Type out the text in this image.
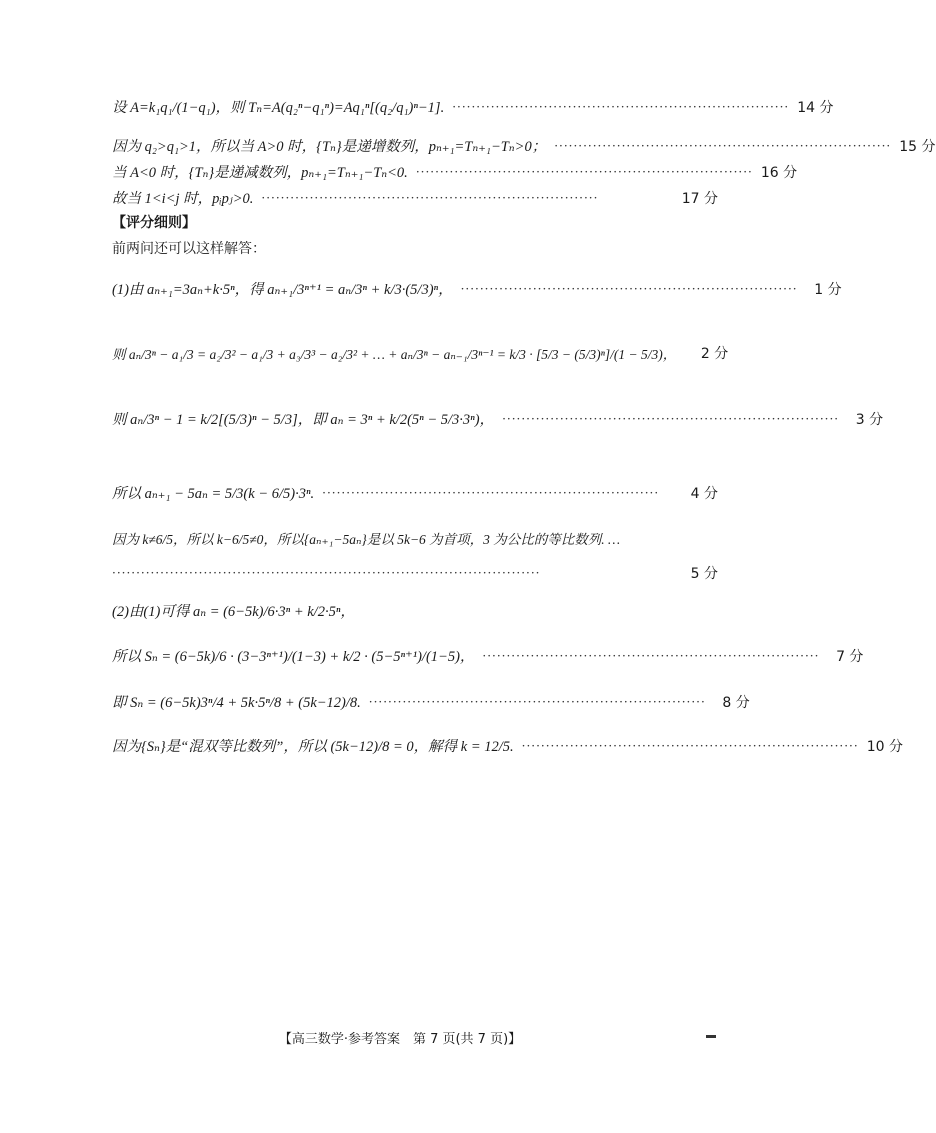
设 A=k₁q₁/(1−q₁)，则 Tₙ=A(q₂ⁿ−q₁ⁿ)=Aq₁ⁿ[(q₂/q₁)ⁿ−1]. ······································································ 14 分
因为 q₂>q₁>1，所以当 A>0 时，{Tₙ}是递增数列，pₙ₊₁=Tₙ₊₁−Tₙ>0； ······································································ 15 分
当 A<0 时，{Tₙ}是递减数列，pₙ₊₁=Tₙ₊₁−Tₙ<0. ······································································ 16 分
故当 1<i<j 时，pᵢpⱼ>0. ······································································	17 分
【评分细则】
前两问还可以这样解答：
(1)由 aₙ₊₁=3aₙ+k·5ⁿ，得 aₙ₊₁/3ⁿ⁺¹ = aₙ/3ⁿ + k/3·(5/3)ⁿ， ······································································	1 分
则 aₙ/3ⁿ − a₁/3 = a₂/3² − a₁/3 + a₃/3³ − a₂/3² + … + aₙ/3ⁿ − aₙ₋₁/3ⁿ⁻¹ = k/3 · [5/3 − (5/3)ⁿ]/(1 − 5/3)，	2 分
则 aₙ/3ⁿ − 1 = k/2[(5/3)ⁿ − 5/3]，即 aₙ = 3ⁿ + k/2(5ⁿ − 5/3·3ⁿ)， ······································································	3 分
所以 aₙ₊₁ − 5aₙ = 5/3(k − 6/5)·3ⁿ. ······································································	4 分
因为 k≠6/5，所以 k−6/5≠0，所以{aₙ₊₁−5aₙ}是以 5k−6 为首项，3 为公比的等比数列. …
·························································································	5 分
(2)由(1)可得 aₙ = (6−5k)/6·3ⁿ + k/2·5ⁿ，
所以 Sₙ = (6−5k)/6 · (3−3ⁿ⁺¹)/(1−3) + k/2 · (5−5ⁿ⁺¹)/(1−5)， ······································································	7 分
即 Sₙ = (6−5k)3ⁿ/4 + 5k·5ⁿ/8 + (5k−12)/8. ······································································	8 分
因为{Sₙ}是“混双等比数列”，所以 (5k−12)/8 = 0，解得 k = 12/5. ······································································ 10 分
【高三数学·参考答案　第 7 页(共 7 页)】
